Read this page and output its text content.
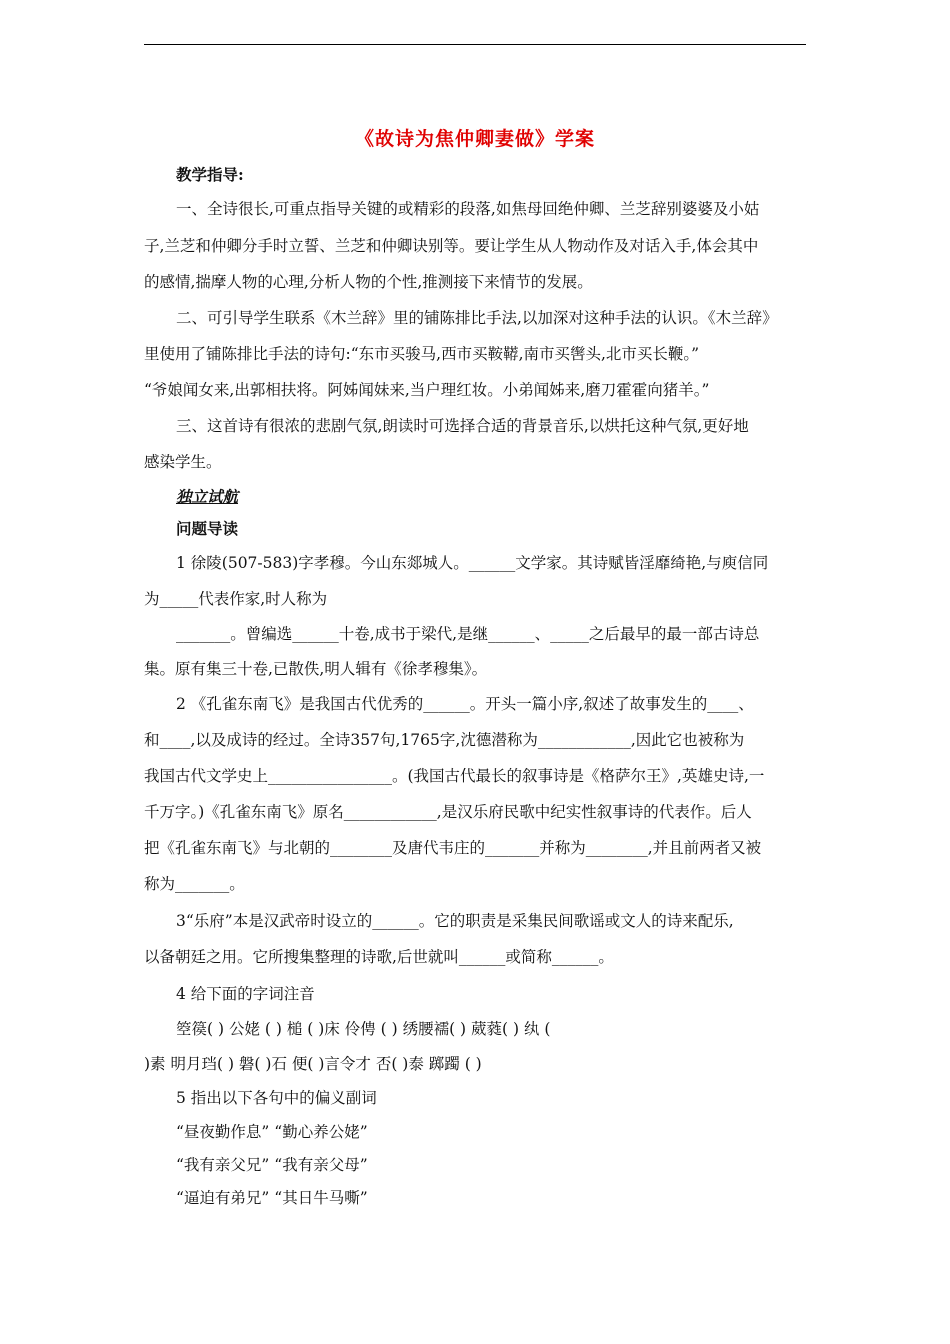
《故诗为焦仲卿妻做》学案
教学指导:
一、全诗很长,可重点指导关键的或精彩的段落,如焦母回绝仲卿、兰芝辞别婆婆及小姑
子,兰芝和仲卿分手时立誓、兰芝和仲卿诀别等。要让学生从人物动作及对话入手,体会其中
的感情,揣摩人物的心理,分析人物的个性,推测接下来情节的发展。
二、可引导学生联系《木兰辞》里的铺陈排比手法,以加深对这种手法的认识。《木兰辞》
里使用了铺陈排比手法的诗句:“东市买骏马,西市买鞍鞯,南市买辔头,北市买长鞭。”
“爷娘闻女来,出郭相扶将。阿姊闻妹来,当户理红妆。小弟闻姊来,磨刀霍霍向猪羊。”
三、这首诗有很浓的悲剧气氛,朗读时可选择合适的背景音乐,以烘托这种气氛,更好地
感染学生。
独立试航
问题导读
1 徐陵(507-583)字孝穆。今山东郯城人。______文学家。其诗赋皆淫靡绮艳,与庾信同
为_____代表作家,时人称为
_______。曾编选______十卷,成书于梁代,是继______、_____之后最早的最一部古诗总
集。原有集三十卷,已散佚,明人辑有《徐孝穆集》。
2 《孔雀东南飞》是我国古代优秀的______。开头一篇小序,叙述了故事发生的____、
和____,以及成诗的经过。全诗357句,1765字,沈德潜称为____________,因此它也被称为
我国古代文学史上________________。(我国古代最长的叙事诗是《格萨尔王》,英雄史诗,一
千万字。)《孔雀东南飞》原名____________,是汉乐府民歌中纪实性叙事诗的代表作。后人
把《孔雀东南飞》与北朝的________及唐代韦庄的_______并称为________,并且前两者又被
称为_______。
3“乐府”本是汉武帝时设立的______。它的职责是采集民间歌谣或文人的诗来配乐,
以备朝廷之用。它所搜集整理的诗歌,后世就叫______或简称______。
4 给下面的字词注音
箜篌( ) 公姥 ( ) 槌 ( )床 伶俜 ( ) 绣腰襦( ) 葳蕤( ) 纨 (
)素 明月珰( ) 磐( )石 便( )言令才 否( )泰 踯躅 ( )
5 指出以下各句中的偏义副词
“昼夜勤作息” “勤心养公姥”
“我有亲父兄” “我有亲父母”
“逼迫有弟兄” “其日牛马嘶”
